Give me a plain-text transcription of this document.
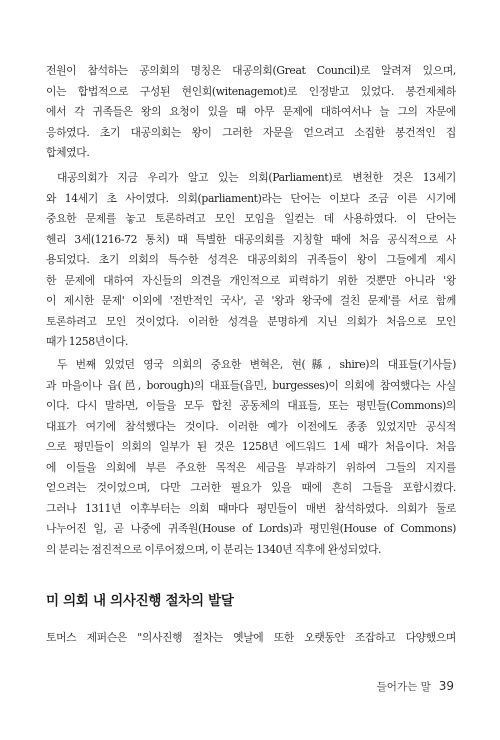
전원이 참석하는 공의회의 명칭은 대공의회(Great Council)로 알려져 있으며,
이는 합법적으로 구성된 현인회(witenagemot)로 인정받고 있었다. 봉건제체하
에서 각 귀족들은 왕의 요청이 있을 때 아무 문제에 대하여서나 늘 그의 자문에
응하였다. 초기 대공의회는 왕이 그러한 자문을 얻으려고 소집한 봉건적인 집
합체였다.
대공의회가 지금 우리가 알고 있는 의회(Parliament)로 변천한 것은 13세기
와 14세기 초 사이였다. 의회(parliament)라는 단어는 이보다 조금 이른 시기에
중요한 문제를 놓고 토론하려고 모인 모임을 일컫는 데 사용하였다. 이 단어는
헨리 3세(1216-72 통치) 때 특별한 대공의회를 지칭할 때에 처음 공식적으로 사
용되었다. 초기 의회의 특수한 성격은 대공의회의 귀족들이 왕이 그들에게 제시
한 문제에 대하여 자신들의 의견을 개인적으로 피력하기 위한 것뿐만 아니라 '왕
이 제시한 문제' 이외에 '전반적인 국사', 곧 '왕과 왕국에 걸친 문제'를 서로 함께
토론하려고 모인 것이었다. 이러한 성격을 분명하게 지닌 의회가 처음으로 모인
때가 1258년이다.
두 번째 있었던 영국 의회의 중요한 변혁은, 현(縣, shire)의 대표들(기사들)
과 마을이나 읍(邑, borough)의 대표들(읍민, burgesses)이 의회에 참여했다는 사실
이다. 다시 말하면, 이들을 모두 합친 공동체의 대표들, 또는 평민들(Commons)의
대표가 여기에 참석했다는 것이다. 이러한 예가 이전에도 종종 있었지만 공식적
으로 평민들이 의회의 일부가 된 것은 1258년 에드워드 1세 때가 처음이다. 처음
에 이들을 의회에 부른 주요한 목적은 세금을 부과하기 위하여 그들의 지지를
얻으려는 것이었으며, 다만 그러한 필요가 있을 때에 흔히 그들을 포함시켰다.
그러나 1311년 이후부터는 의회 때마다 평민들이 매번 참석하였다. 의회가 둘로
나누어진 일, 곧 나중에 귀족원(House of Lords)과 평민원(House of Commons)
의 분리는 점진적으로 이루어졌으며, 이 분리는 1340년 직후에 완성되었다.
미 의회 내 의사진행 절차의 발달
토머스 제퍼슨은 "의사진행 절차는 옛날에 또한 오랫동안 조잡하고 다양했으며
들어가는 말 39
